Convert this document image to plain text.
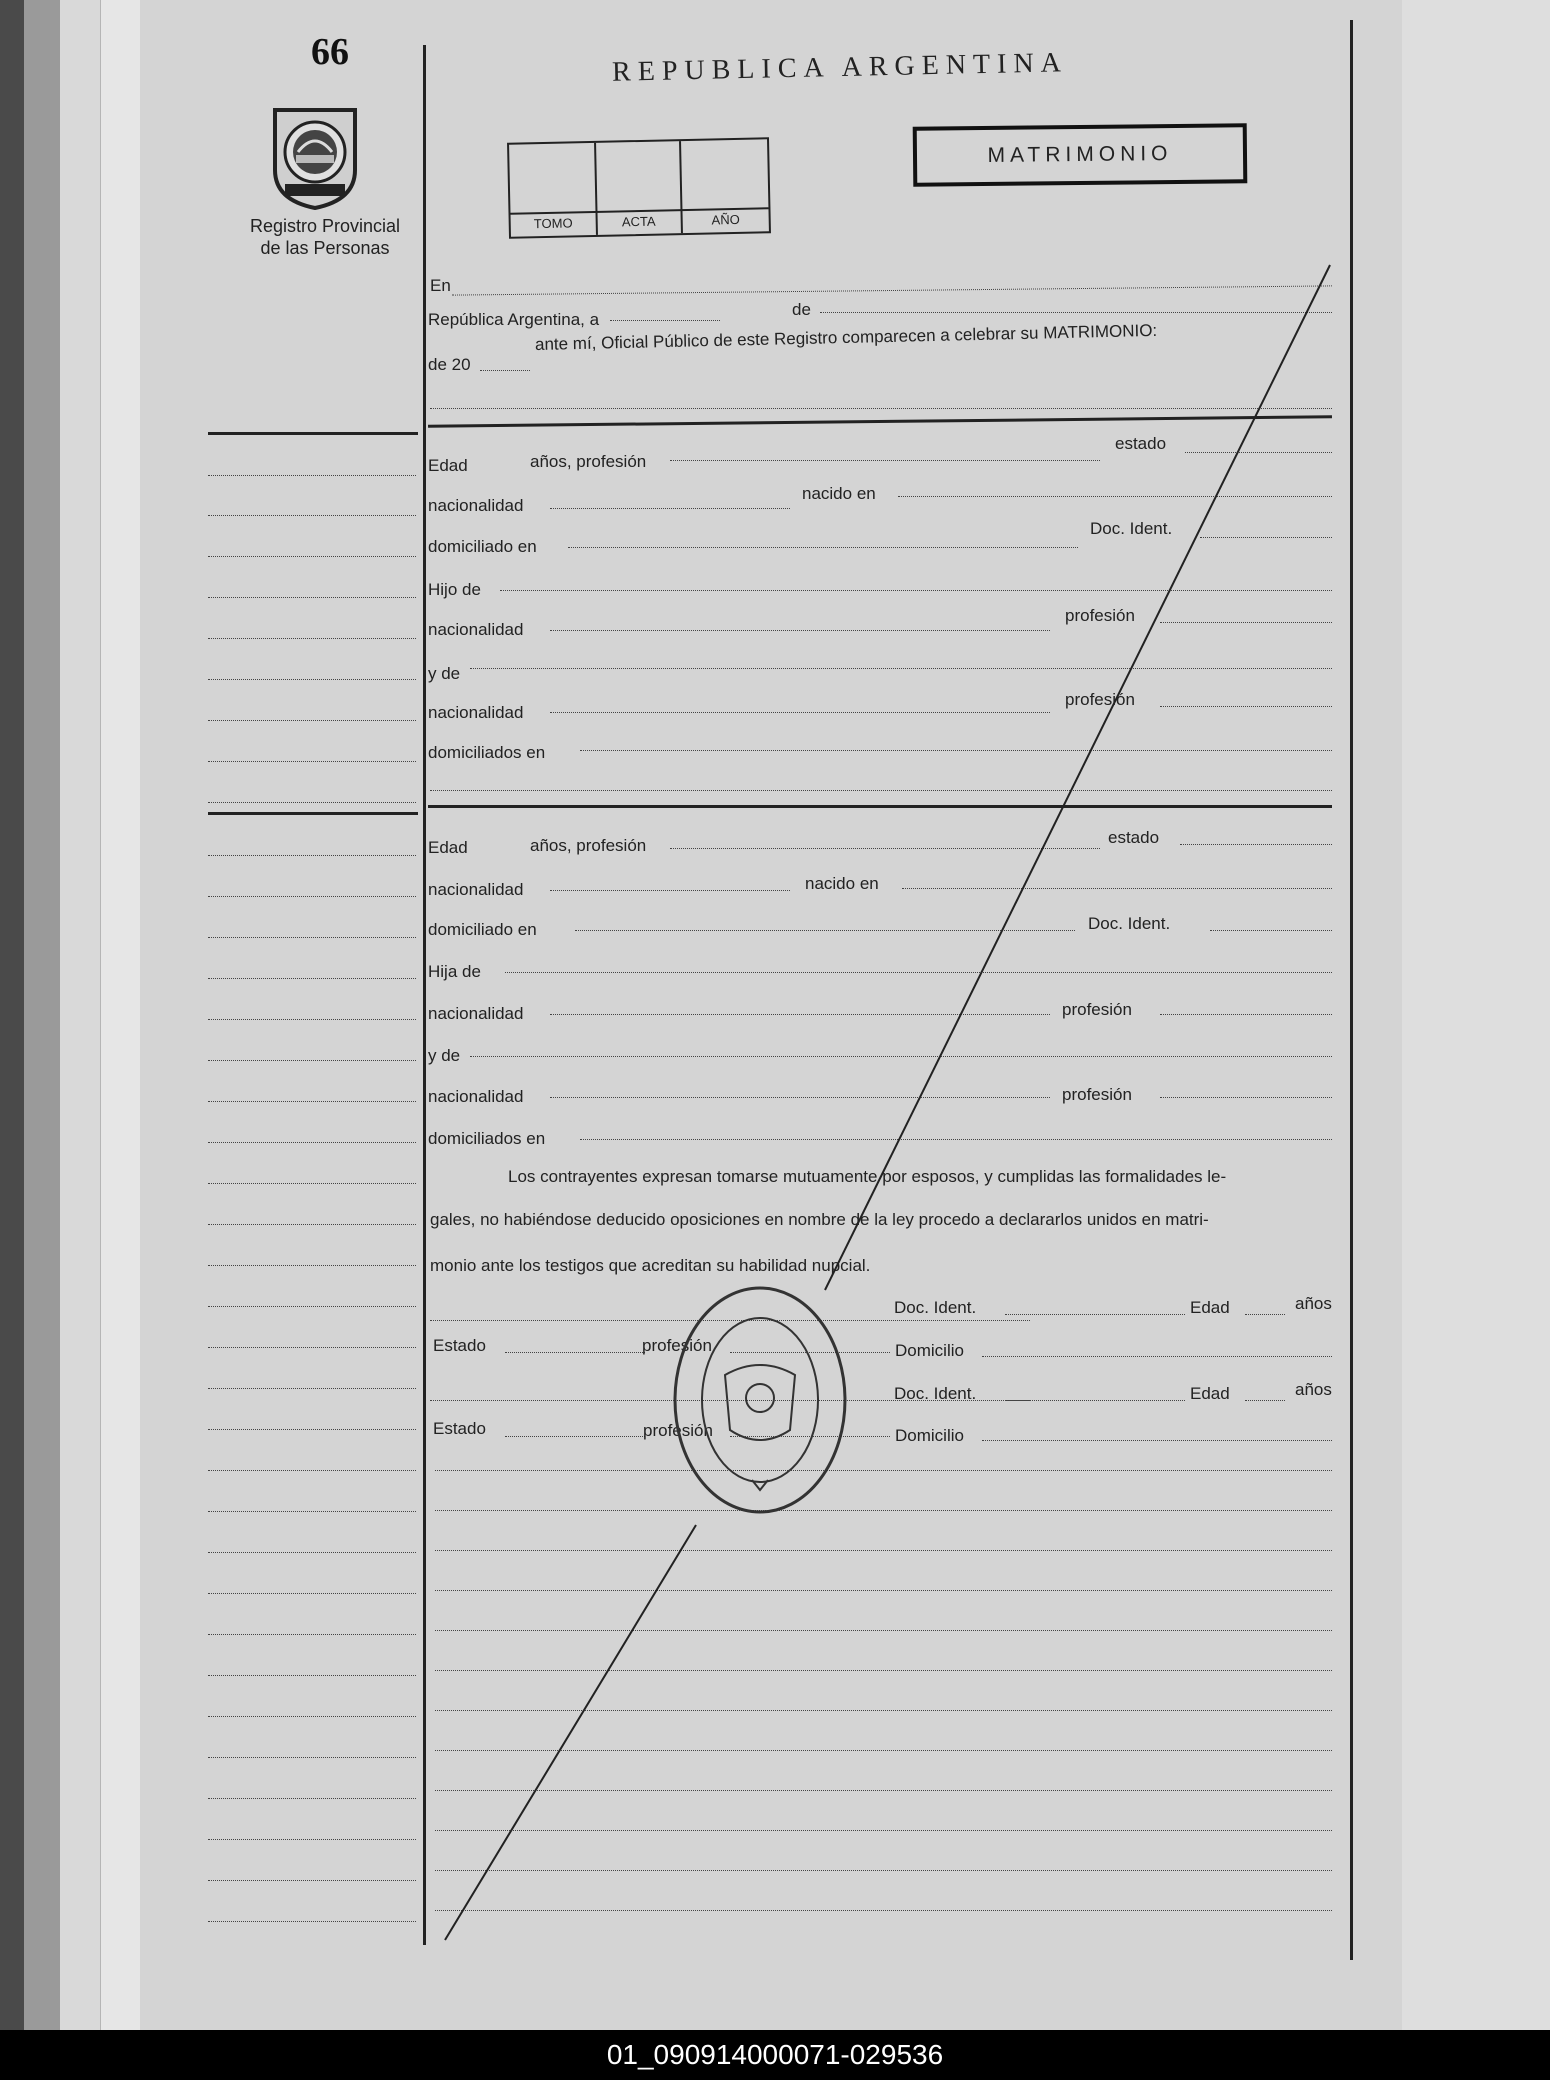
66
Registro Provincial
de las Personas
REPUBLICA ARGENTINA
TOMO	ACTA	AÑO
MATRIMONIO
En
República Argentina, a
de
de 20
ante mí, Oficial Público de este Registro comparecen a celebrar su MATRIMONIO:
Edad	años, profesión
estado
nacionalidad
nacido en
domiciliado en
Doc. Ident.
Hijo de
nacionalidad
profesión
y de
nacionalidad
profesión
domiciliados en
Edad	años, profesión	estado
nacionalidad	nacido en
domiciliado en	Doc. Ident.
Hija de
nacionalidad	profesión
y de
nacionalidad	profesión
domiciliados en
Los contrayentes expresan tomarse mutuamente por esposos, y cumplidas las formalidades le-
gales, no habiéndose deducido oposiciones en nombre de la ley procedo a declararlos unidos en matri-
monio ante los testigos que acreditan su habilidad nupcial.
Doc. Ident.	Edad	años
Estado	profesión	Domicilio
Doc. Ident.	Edad	años
Estado	profesión	Domicilio
01_090914000071-029536
